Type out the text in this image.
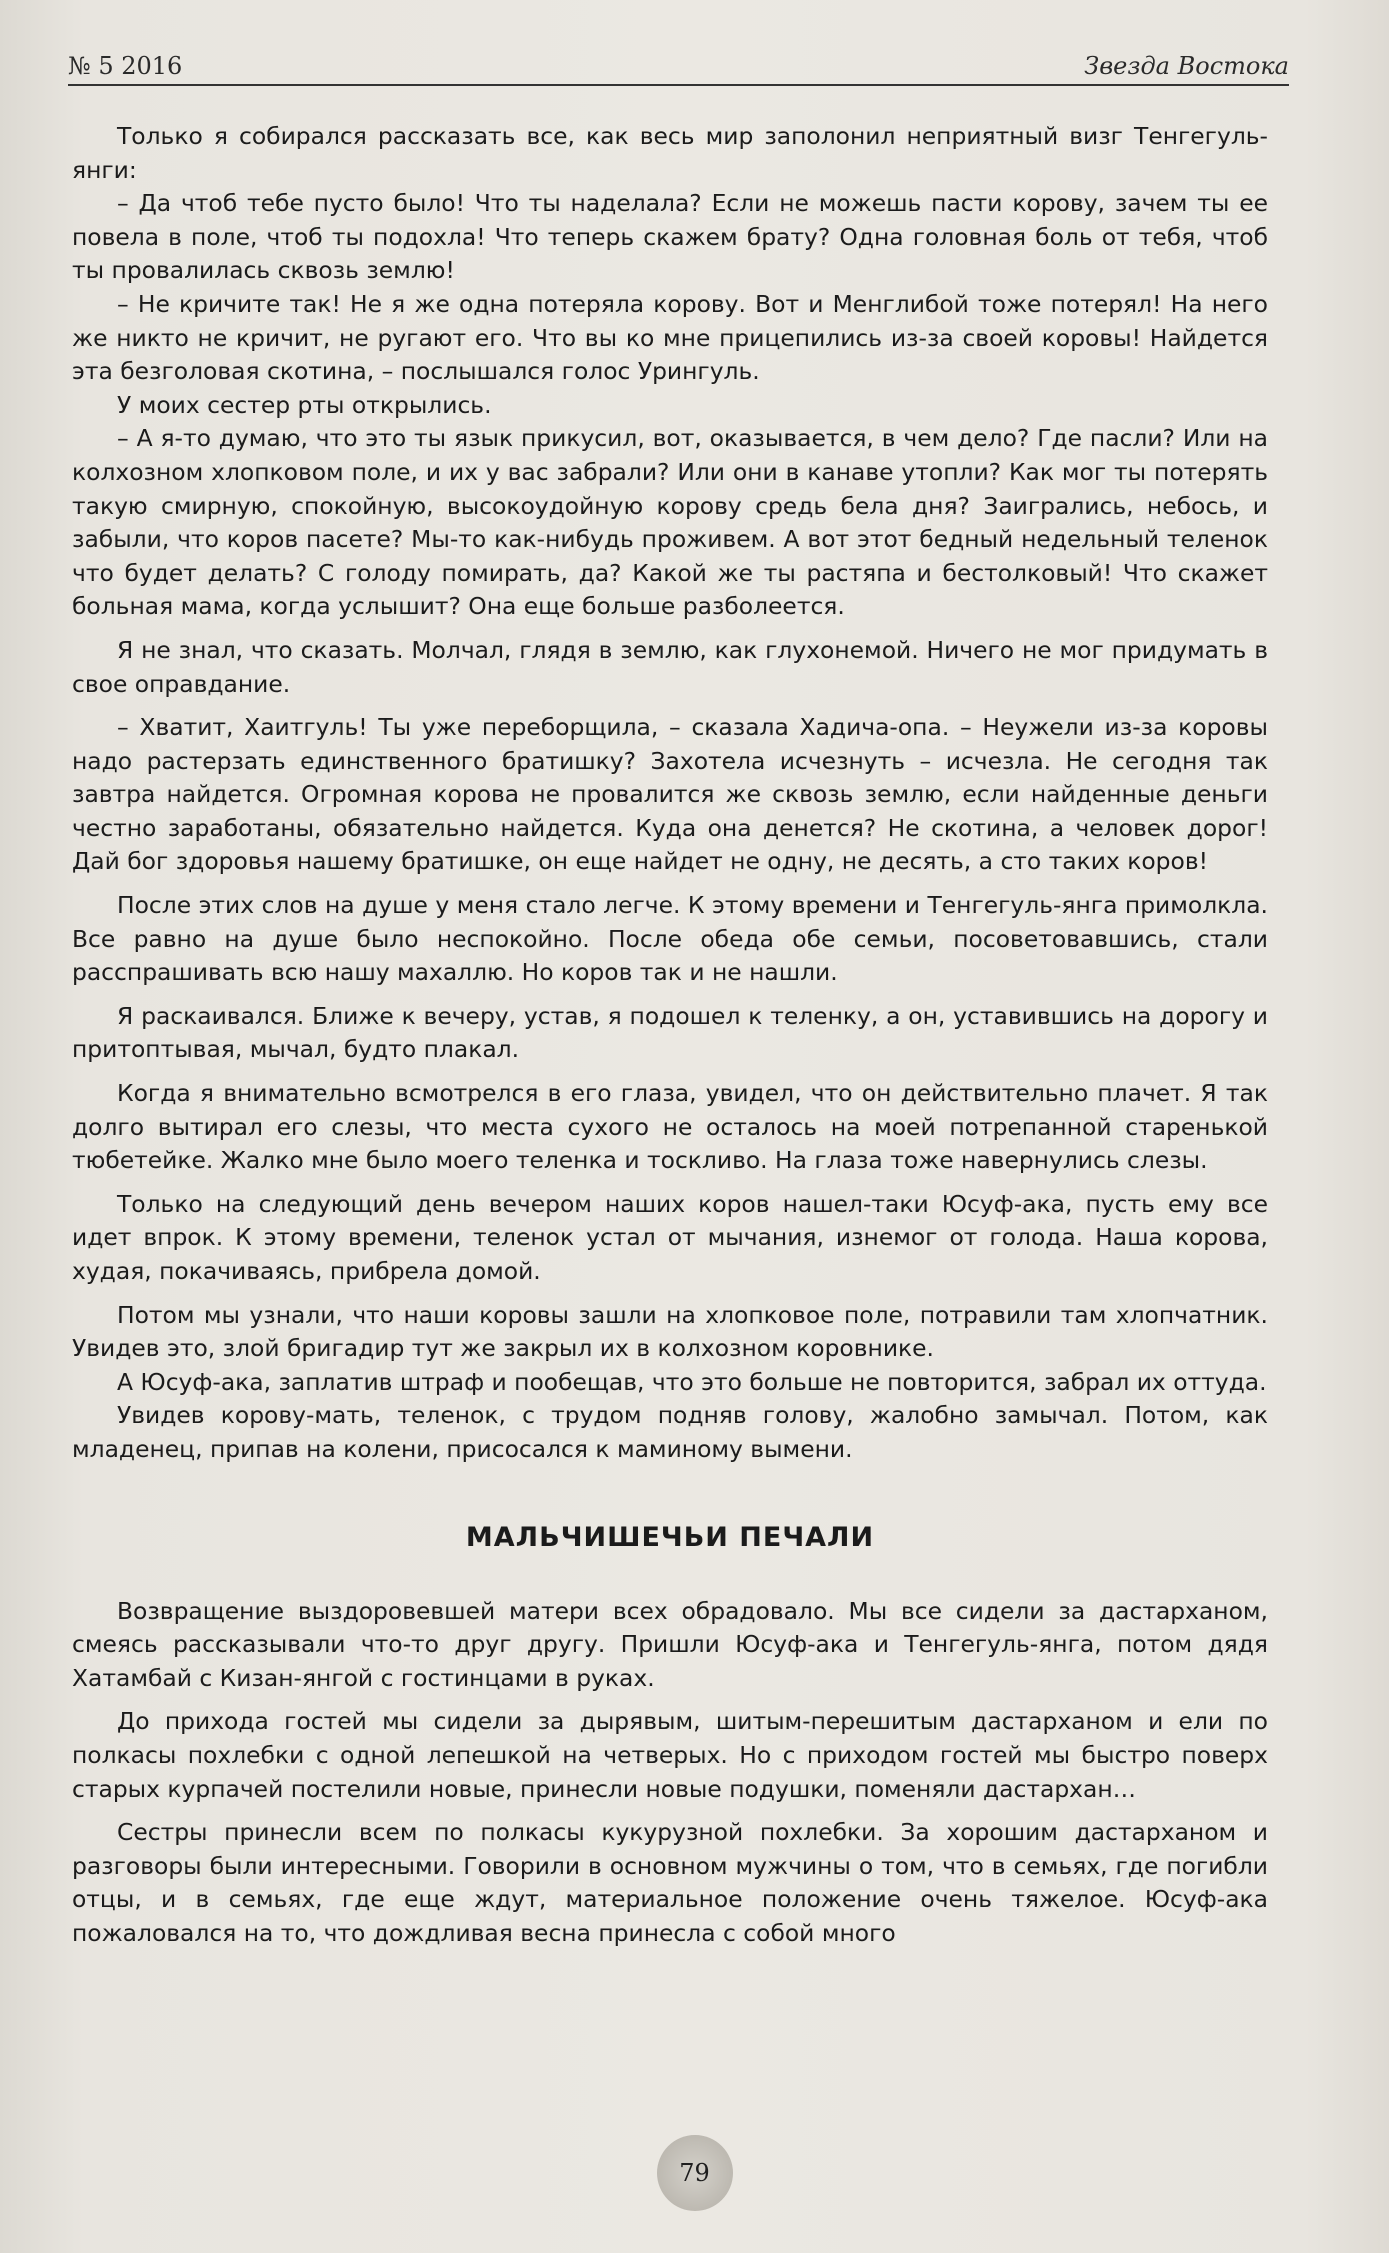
№ 5 2016	Звезда Востока

Только я собирался рассказать все, как весь мир заполонил неприятный визг Тенгегуль-янги:

– Да чтоб тебе пусто было! Что ты наделала? Если не можешь пасти корову, зачем ты ее повела в поле, чтоб ты подохла! Что теперь скажем брату? Одна головная боль от тебя, чтоб ты провалилась сквозь землю!

– Не кричите так! Не я же одна потеряла корову. Вот и Менглибой тоже потерял! На него же никто не кричит, не ругают его. Что вы ко мне прицепились из-за своей коровы! Найдется эта безголовая скотина, – послышался голос Урингуль.

У моих сестер рты открылись.

– А я-то думаю, что это ты язык прикусил, вот, оказывается, в чем дело? Где пасли? Или на колхозном хлопковом поле, и их у вас забрали? Или они в канаве утопли? Как мог ты потерять такую смирную, спокойную, высокоудойную корову средь бела дня? Заигрались, небось, и забыли, что коров пасете? Мы-то как-нибудь проживем. А вот этот бедный недельный теленок что будет делать? С голоду помирать, да? Какой же ты растяпа и бестолковый! Что скажет больная мама, когда услышит? Она еще больше разболеется.

Я не знал, что сказать. Молчал, глядя в землю, как глухонемой. Ничего не мог придумать в свое оправдание.

– Хватит, Хаитгуль! Ты уже переборщила, – сказала Хадича-опа. – Неужели из-за коровы надо растерзать единственного братишку? Захотела исчезнуть – исчезла. Не сегодня так завтра найдется. Огромная корова не провалится же сквозь землю, если найденные деньги честно заработаны, обязательно найдется. Куда она денется? Не скотина, а человек дорог! Дай бог здоровья нашему братишке, он еще найдет не одну, не десять, а сто таких коров!

После этих слов на душе у меня стало легче. К этому времени и Тенгегуль-янга примолкла. Все равно на душе было неспокойно. После обеда обе семьи, посоветовавшись, стали расспрашивать всю нашу махаллю. Но коров так и не нашли.

Я раскаивался. Ближе к вечеру, устав, я подошел к теленку, а он, уставившись на дорогу и притоптывая, мычал, будто плакал.

Когда я внимательно всмотрелся в его глаза, увидел, что он действительно плачет. Я так долго вытирал его слезы, что места сухого не осталось на моей потрепанной старенькой тюбетейке. Жалко мне было моего теленка и тоскливо. На глаза тоже навернулись слезы.

Только на следующий день вечером наших коров нашел-таки Юсуф-ака, пусть ему все идет впрок. К этому времени, теленок устал от мычания, изнемог от голода. Наша корова, худая, покачиваясь, прибрела домой.

Потом мы узнали, что наши коровы зашли на хлопковое поле, потравили там хлопчатник. Увидев это, злой бригадир тут же закрыл их в колхозном коровнике.

А Юсуф-ака, заплатив штраф и пообещав, что это больше не повторится, забрал их оттуда.

Увидев корову-мать, теленок, с трудом подняв голову, жалобно замычал. Потом, как младенец, припав на колени, присосался к маминому вымени.

МАЛЬЧИШЕЧЬИ ПЕЧАЛИ

Возвращение выздоровевшей матери всех обрадовало. Мы все сидели за дастарханом, смеясь рассказывали что-то друг другу. Пришли Юсуф-ака и Тенгегуль-янга, потом дядя Хатамбай с Кизан-янгой с гостинцами в руках.

До прихода гостей мы сидели за дырявым, шитым-перешитым дастарханом и ели по полкасы похлебки с одной лепешкой на четверых. Но с приходом гостей мы быстро поверх старых курпачей постелили новые, принесли новые подушки, поменяли дастархан…

Сестры принесли всем по полкасы кукурузной похлебки. За хорошим дастарханом и разговоры были интересными. Говорили в основном мужчины о том, что в семьях, где погибли отцы, и в семьях, где еще ждут, материальное положение очень тяжелое. Юсуф-ака пожаловался на то, что дождливая весна принесла с собой много

79
